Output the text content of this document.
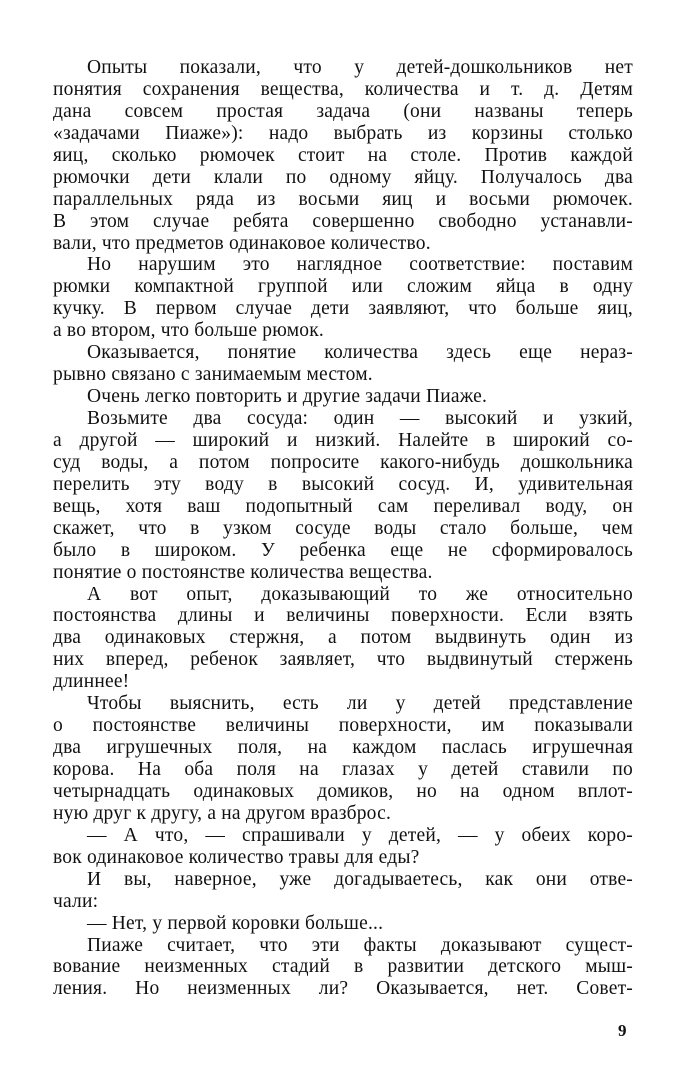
Опыты показали, что у детей-дошкольников нет
понятия сохранения вещества, количества и т. д. Детям
дана совсем простая задача (они названы теперь
«задачами Пиаже»): надо выбрать из корзины столько
яиц, сколько рюмочек стоит на столе. Против каждой
рюмочки дети клали по одному яйцу. Получалось два
параллельных ряда из восьми яиц и восьми рюмочек.
В этом случае ребята совершенно свободно устанавли-
вали, что предметов одинаковое количество.
Но нарушим это наглядное соответствие: поставим
рюмки компактной группой или сложим яйца в одну
кучку. В первом случае дети заявляют, что больше яиц,
а во втором, что больше рюмок.
Оказывается, понятие количества здесь еще нераз-
рывно связано с занимаемым местом.
Очень легко повторить и другие задачи Пиаже.
Возьмите два сосуда: один — высокий и узкий,
а другой — широкий и низкий. Налейте в широкий со-
суд воды, а потом попросите какого-нибудь дошкольника
перелить эту воду в высокий сосуд. И, удивительная
вещь, хотя ваш подопытный сам переливал воду, он
скажет, что в узком сосуде воды стало больше, чем
было в широком. У ребенка еще не сформировалось
понятие о постоянстве количества вещества.
А вот опыт, доказывающий то же относительно
постоянства длины и величины поверхности. Если взять
два одинаковых стержня, а потом выдвинуть один из
них вперед, ребенок заявляет, что выдвинутый стержень
длиннее!
Чтобы выяснить, есть ли у детей представление
о постоянстве величины поверхности, им показывали
два игрушечных поля, на каждом паслась игрушечная
корова. На оба поля на глазах у детей ставили по
четырнадцать одинаковых домиков, но на одном вплот-
ную друг к другу, а на другом вразброс.
— А что, — спрашивали у детей, — у обеих коро-
вок одинаковое количество травы для еды?
И вы, наверное, уже догадываетесь, как они отве-
чали:
— Нет, у первой коровки больше...
Пиаже считает, что эти факты доказывают сущест-
вование неизменных стадий в развитии детского мыш-
ления. Но неизменных ли? Оказывается, нет. Совет-
9
